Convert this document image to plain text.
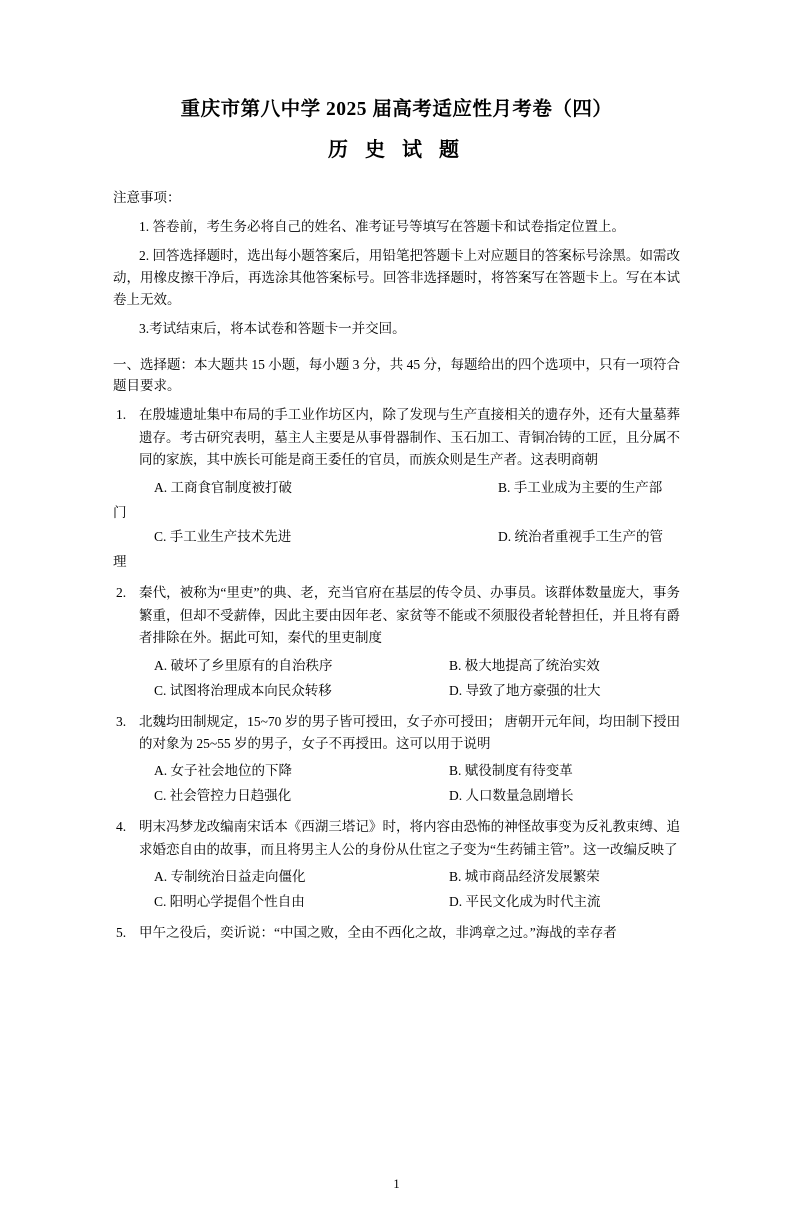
重庆市第八中学 2025 届高考适应性月考卷（四）
历 史 试 题
注意事项：
1. 答卷前，考生务必将自己的姓名、准考证号等填写在答题卡和试卷指定位置上。
2. 回答选择题时，选出每小题答案后，用铅笔把答题卡上对应题目的答案标号涂黑。如需改动，用橡皮擦干净后，再选涂其他答案标号。回答非选择题时，将答案写在答题卡上。写在本试卷上无效。
3.考试结束后，将本试卷和答题卡一并交回。
一、选择题：本大题共 15 小题，每小题 3 分，共 45 分，每题给出的四个选项中，只有一项符合题目要求。
1. 在殷墟遗址集中布局的手工业作坊区内，除了发现与生产直接相关的遗存外，还有大量墓葬遗存。考古研究表明，墓主人主要是从事骨器制作、玉石加工、青铜冶铸的工匠，且分属不同的家族，其中族长可能是商王委任的官员，而族众则是生产者。这表明商朝
A. 工商食官制度被打破	B. 手工业成为主要的生产部
门
C. 手工业生产技术先进	D. 统治者重视手工生产的管
理
2. 秦代，被称为“里吏”的典、老，充当官府在基层的传令员、办事员。该群体数量庞大，事务繁重，但却不受薪俸，因此主要由因年老、家贫等不能或不须服役者轮替担任，并且将有爵者排除在外。据此可知，秦代的里吏制度
A. 破坏了乡里原有的自治秩序	B. 极大地提高了统治实效
C. 试图将治理成本向民众转移	D. 导致了地方豪强的壮大
3. 北魏均田制规定，15~70 岁的男子皆可授田，女子亦可授田； 唐朝开元年间，均田制下授田的对象为 25~55 岁的男子，女子不再授田。这可以用于说明
A. 女子社会地位的下降	B. 赋役制度有待变革
C. 社会管控力日趋强化	D. 人口数量急剧增长
4. 明末冯梦龙改编南宋话本《西湖三塔记》时，将内容由恐怖的神怪故事变为反礼教束缚、追求婚恋自由的故事，而且将男主人公的身份从仕宦之子变为“生药铺主管”。这一改编反映了
A. 专制统治日益走向僵化	B. 城市商品经济发展繁荣
C. 阳明心学提倡个性自由	D. 平民文化成为时代主流
5. 甲午之役后，奕䜣说：“中国之败，全由不西化之故，非鸿章之过。”海战的幸存者
1
